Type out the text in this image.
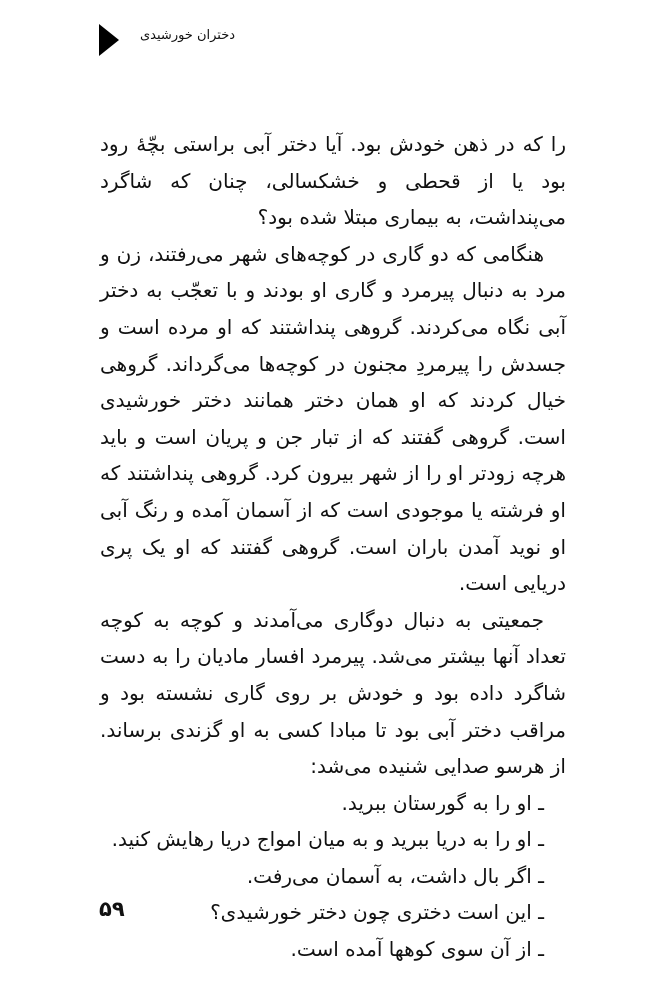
دختران خورشیدی

را که در ذهن خودش بود. آیا دختر آبی براستی بچّهٔ رود بود یا از قحطی و خشکسالی، چنان که شاگرد می‌پنداشت، به بیماری مبتلا شده بود؟

هنگامی که دو گاری در کوچه‌های شهر می‌رفتند، زن و مرد به دنبال پیرمرد و گاری او بودند و با تعجّب به دختر آبی نگاه می‌کردند. گروهی پنداشتند که او مرده است و جسدش را پیرمردِ مجنون در کوچه‌ها می‌گرداند. گروهی خیال کردند که او همان دختر همانند دختر خورشیدی است. گروهی گفتند که از تبار جن و پریان است و باید هرچه زودتر او را از شهر بیرون کرد. گروهی پنداشتند که او فرشته یا موجودی است که از آسمان آمده و رنگ آبی او نوید آمدن باران است. گروهی گفتند که او یک پری دریایی است.

جمعیتی به دنبال دوگاری می‌آمدند و کوچه به کوچه تعداد آنها بیشتر می‌شد. پیرمرد افسار مادیان را به دست شاگرد داده بود و خودش بر روی گاری نشسته بود و مراقب دختر آبی بود تا مبادا کسی به او گزندی برساند. از هرسو صدایی شنیده می‌شد:

ـ او را به گورستان ببرید.
ـ او را به دریا ببرید و به میان امواج دریا رهایش کنید.
ـ اگر بال داشت، به آسمان می‌رفت.
ـ این است دختری چون دختر خورشیدی؟
ـ از آن سوی کوهها آمده است.
۵۹
